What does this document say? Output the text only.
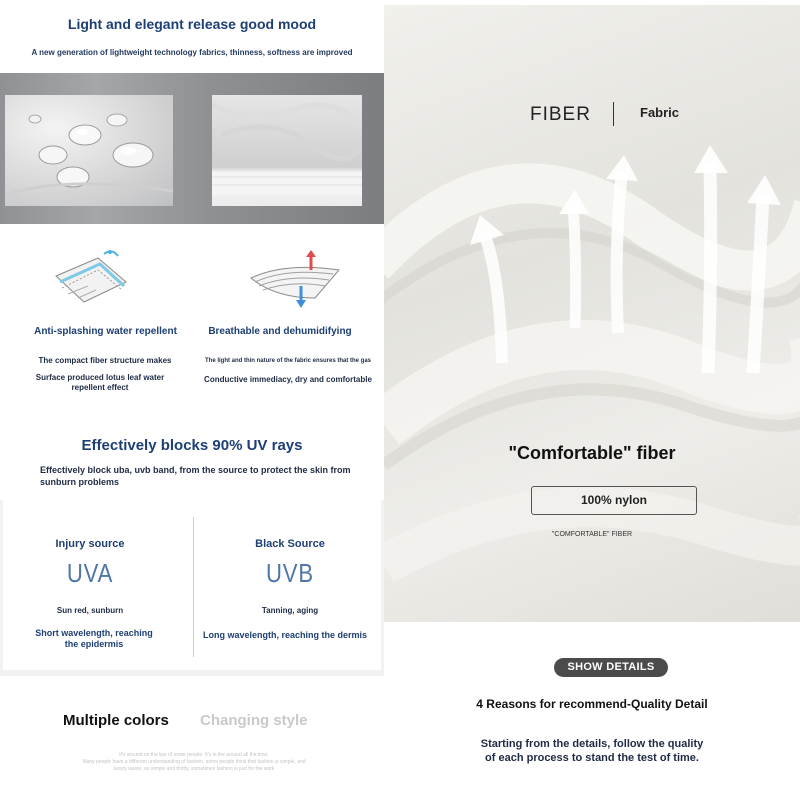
Light and elegant release good mood
A new generation of lightweight technology fabrics, thinness, softness are improved
Anti-splashing water repellent
The compact fiber structure makes
Surface produced lotus leaf water
repellent effect
Breathable and dehumidifying
The light and thin nature of the fabric ensures that the gas
Conductive immediacy, dry and comfortable
Effectively blocks 90% UV rays
Effectively block uba, uvb band, from the source to protect the skin from sunburn problems
Injury source
UVA
Sun red, sunburn
Short wavelength, reaching the epidermis
Black Source
UVB
Tanning, aging
Long wavelength, reaching the dermis
Multiple colors Changing style
It's around on the lips of some people. It's in the around all the time.
Many people have a different understanding of fashion, some people think that fashion is simple, and
luxury waste, as simple and thrifty, sometimes fashion is just for the work
FIBER	Fabric
"Comfortable" fiber
100% nylon
"COMFORTABLE" FIBER
SHOW DETAILS
4 Reasons for recommend-Quality Detail
Starting from the details, follow the quality
of each process to stand the test of time.
